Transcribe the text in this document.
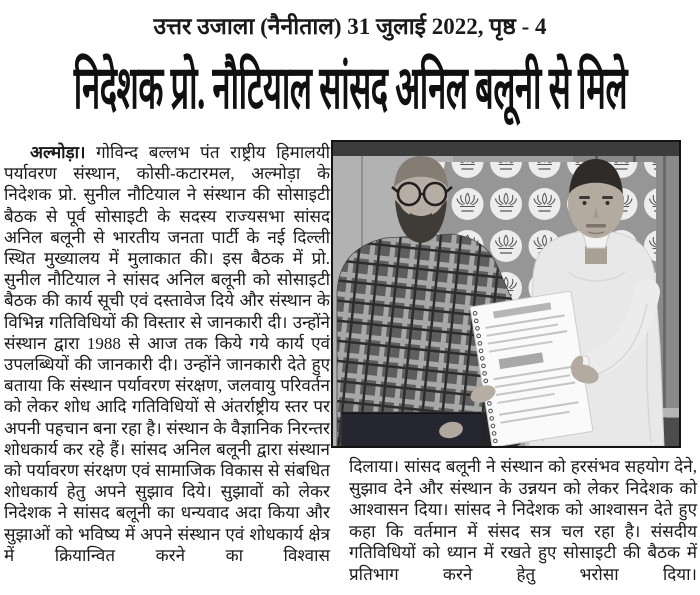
उत्तर उजाला (नैनीताल) 31 जुलाई 2022, पृष्ठ - 4
निदेशक प्रो. नौटियाल सांसद अनिल बलूनी से मिले

अल्मोड़ा। गोविन्द बल्लभ पंत राष्ट्रीय हिमालयी पर्यावरण संस्थान, कोसी-कटारमल, अल्मोड़ा के निदेशक प्रो. सुनील नौटियाल ने संस्थान की सोसाइटी बैठक से पूर्व सोसाइटी के सदस्य राज्यसभा सांसद अनिल बलूनी से भारतीय जनता पार्टी के नई दिल्ली स्थित मुख्यालय में मुलाकात की। इस बैठक में प्रो. सुनील नौटियाल ने सांसद अनिल बलूनी को सोसाइटी बैठक की कार्य सूची एवं दस्तावेज दिये और संस्थान के विभिन्न गतिविधियों की विस्तार से जानकारी दी। उन्होंने संस्थान द्वारा 1988 से आज तक किये गये कार्य एवं उपलब्धियों की जानकारी दी। उन्होंने जानकारी देते हुए बताया कि संस्थान पर्यावरण संरक्षण, जलवायु परिवर्तन को लेकर शोध आदि गतिविधियों से अंतर्राष्ट्रीय स्तर पर अपनी पहचान बना रहा है। संस्थान के वैज्ञानिक निरन्तर शोधकार्य कर रहे हैं। सांसद अनिल बलूनी द्वारा संस्थान को पर्यावरण संरक्षण एवं सामाजिक विकास से संबधित शोधकार्य हेतु अपने सुझाव दिये। सुझावों को लेकर निदेशक ने सांसद बलूनी का धन्यवाद अदा किया और सुझाओं को भविष्य में अपने संस्थान एवं शोधकार्य क्षेत्र में क्रियान्वित करने का विश्वास

दिलाया। सांसद बलूनी ने संस्थान को हरसंभव सहयोग देने, सुझाव देने और संस्थान के उन्नयन को लेकर निदेशक को आश्वासन दिया। सांसद ने निदेशक को आश्वासन देते हुए कहा कि वर्तमान में संसद सत्र चल रहा है। संसदीय गतिविधियों को ध्यान में रखते हुए सोसाइटी की बैठक में प्रतिभाग करने हेतु भरोसा दिया।
